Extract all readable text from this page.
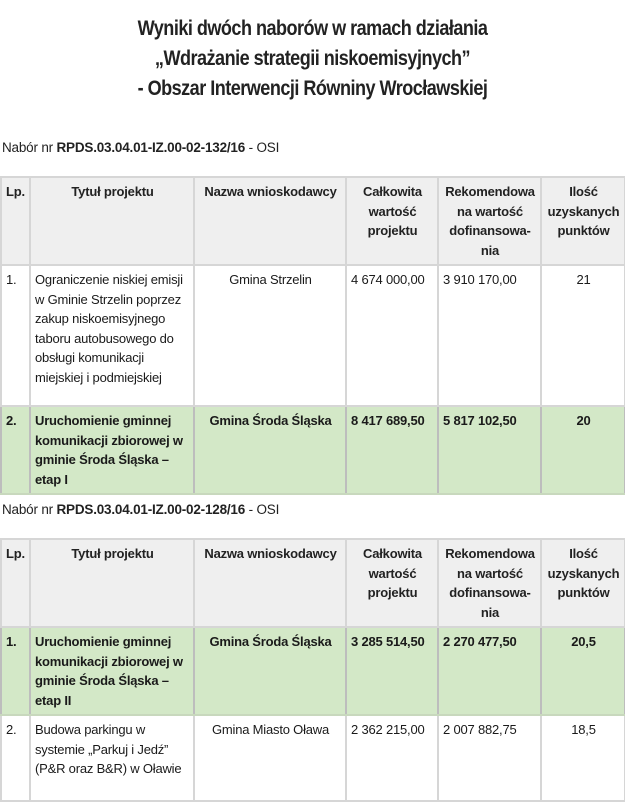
Wyniki dwóch naborów w ramach działania
„Wdrażanie strategii niskoemisyjnych”
- Obszar Interwencji Równiny Wrocławskiej
Nabór nr RPDS.03.04.01-IZ.00-02-132/16 - OSI
Lp.	Tytuł projektu	Nazwa wnioskodawcy	Całkowita wartość projektu	Rekomendowa na wartość dofinansowa- nia	Ilość uzyskanych punktów
1.	Ograniczenie niskiej emisji w Gminie Strzelin poprzez zakup niskoemisyjnego taboru autobusowego do obsługi komunikacji miejskiej i podmiejskiej	Gmina Strzelin	4 674 000,00	3 910 170,00	21
2.	Uruchomienie gminnej komunikacji zbiorowej w gminie Środa Śląska – etap I	Gmina Środa Śląska	8 417 689,50	5 817 102,50	20
Nabór nr RPDS.03.04.01-IZ.00-02-128/16 - OSI
Lp.	Tytuł projektu	Nazwa wnioskodawcy	Całkowita wartość projektu	Rekomendowa na wartość dofinansowa- nia	Ilość uzyskanych punktów
1.	Uruchomienie gminnej komunikacji zbiorowej w gminie Środa Śląska – etap II	Gmina Środa Śląska	3 285 514,50	2 270 477,50	20,5
2.	Budowa parkingu w systemie „Parkuj i Jedź” (P&R oraz B&R) w Oławie	Gmina Miasto Oława	2 362 215,00	2 007 882,75	18,5
